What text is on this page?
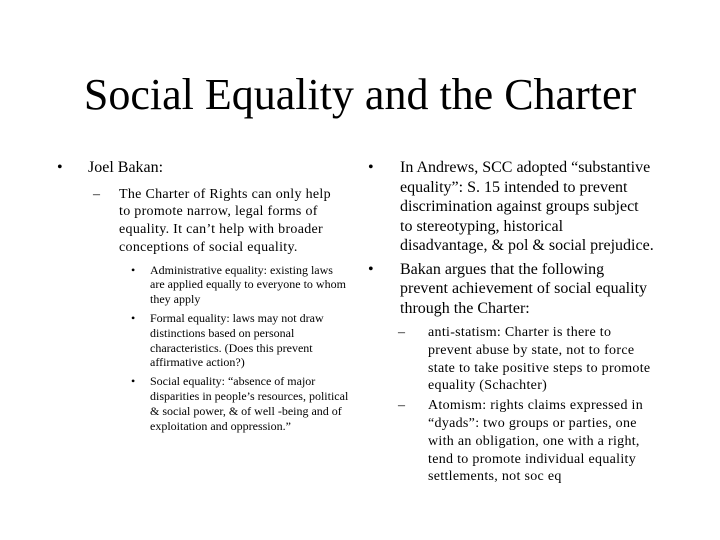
Social Equality and the Charter
• Joel Bakan:
– The Charter of Rights can only help to promote narrow, legal forms of equality. It can’t help with broader conceptions of social equality.
• Administrative equality: existing laws are applied equally to everyone to whom they apply
• Formal equality: laws may not draw distinctions based on personal characteristics. (Does this prevent affirmative action?)
• Social equality: “absence of major disparities in people’s resources, political & social power, & of well -being and of exploitation and oppression.”
• In Andrews, SCC adopted “substantive equality”: S. 15 intended to prevent discrimination against groups subject to stereotyping, historical disadvantage, & pol & social prejudice.
• Bakan argues that the following prevent achievement of social equality through the Charter:
– anti-statism: Charter is there to prevent abuse by state, not to force state to take positive steps to promote equality (Schachter)
– Atomism: rights claims expressed in “dyads”: two groups or parties, one with an obligation, one with a right, tend to promote individual equality settlements, not soc eq
